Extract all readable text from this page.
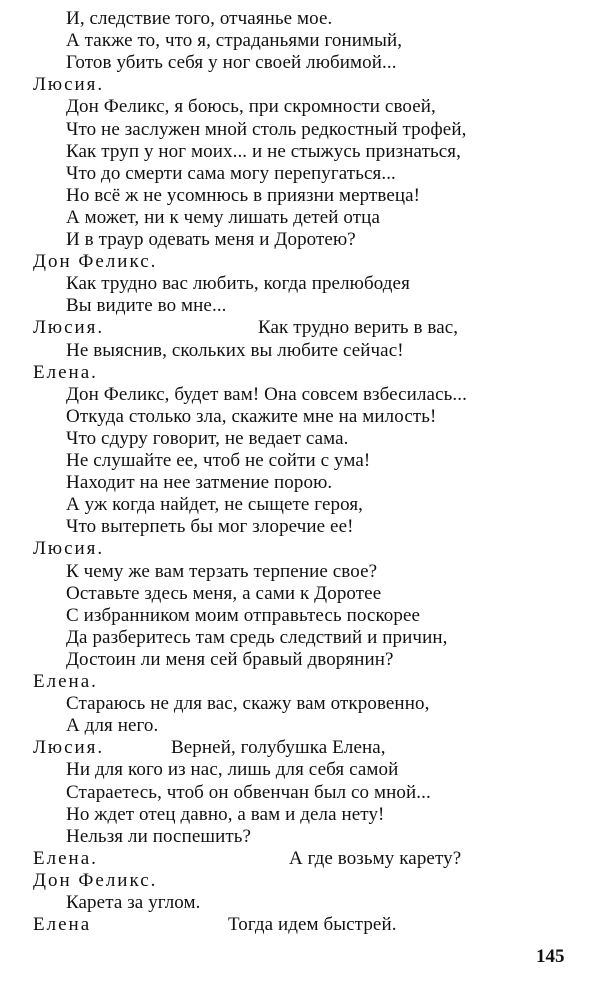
И, следствие того, отчаянье мое.
А также то, что я, страданьями гонимый,
Готов убить себя у ног своей любимой...
Люсия.
Дон Феликс, я боюсь, при скромности своей,
Что не заслужен мной столь редкостный трофей,
Как труп у ног моих... и не стыжусь признаться,
Что до смерти сама могу перепугаться...
Но всё ж не усомнюсь в приязни мертвеца!
А может, ни к чему лишать детей отца
И в траур одевать меня и Доротею?
Дон Феликс.
Как трудно вас любить, когда прелюбодея
Вы видите во мне...
Люсия.	Как трудно верить в вас,
Не выяснив, скольких вы любите сейчас!
Елена.
Дон Феликс, будет вам! Она совсем взбесилась...
Откуда столько зла, скажите мне на милость!
Что сдуру говорит, не ведает сама.
Не слушайте ее, чтоб не сойти с ума!
Находит на нее затмение порою.
А уж когда найдет, не сыщете героя,
Что вытерпеть бы мог злоречие ее!
Люсия.
К чему же вам терзать терпение свое?
Оставьте здесь меня, а сами к Доротее
С избранником моим отправьтесь поскорее
Да разберитесь там средь следствий и причин,
Достоин ли меня сей бравый дворянин?
Елена.
Стараюсь не для вас, скажу вам откровенно,
А для него.
Люсия.	Верней, голубушка Елена,
Ни для кого из нас, лишь для себя самой
Стараетесь, чтоб он обвенчан был со мной...
Но ждет отец давно, а вам и дела нету!
Нельзя ли поспешить?
Елена.	А где возьму карету?
Дон Феликс.
Карета за углом.
Елена	Тогда идем быстрей.
145
